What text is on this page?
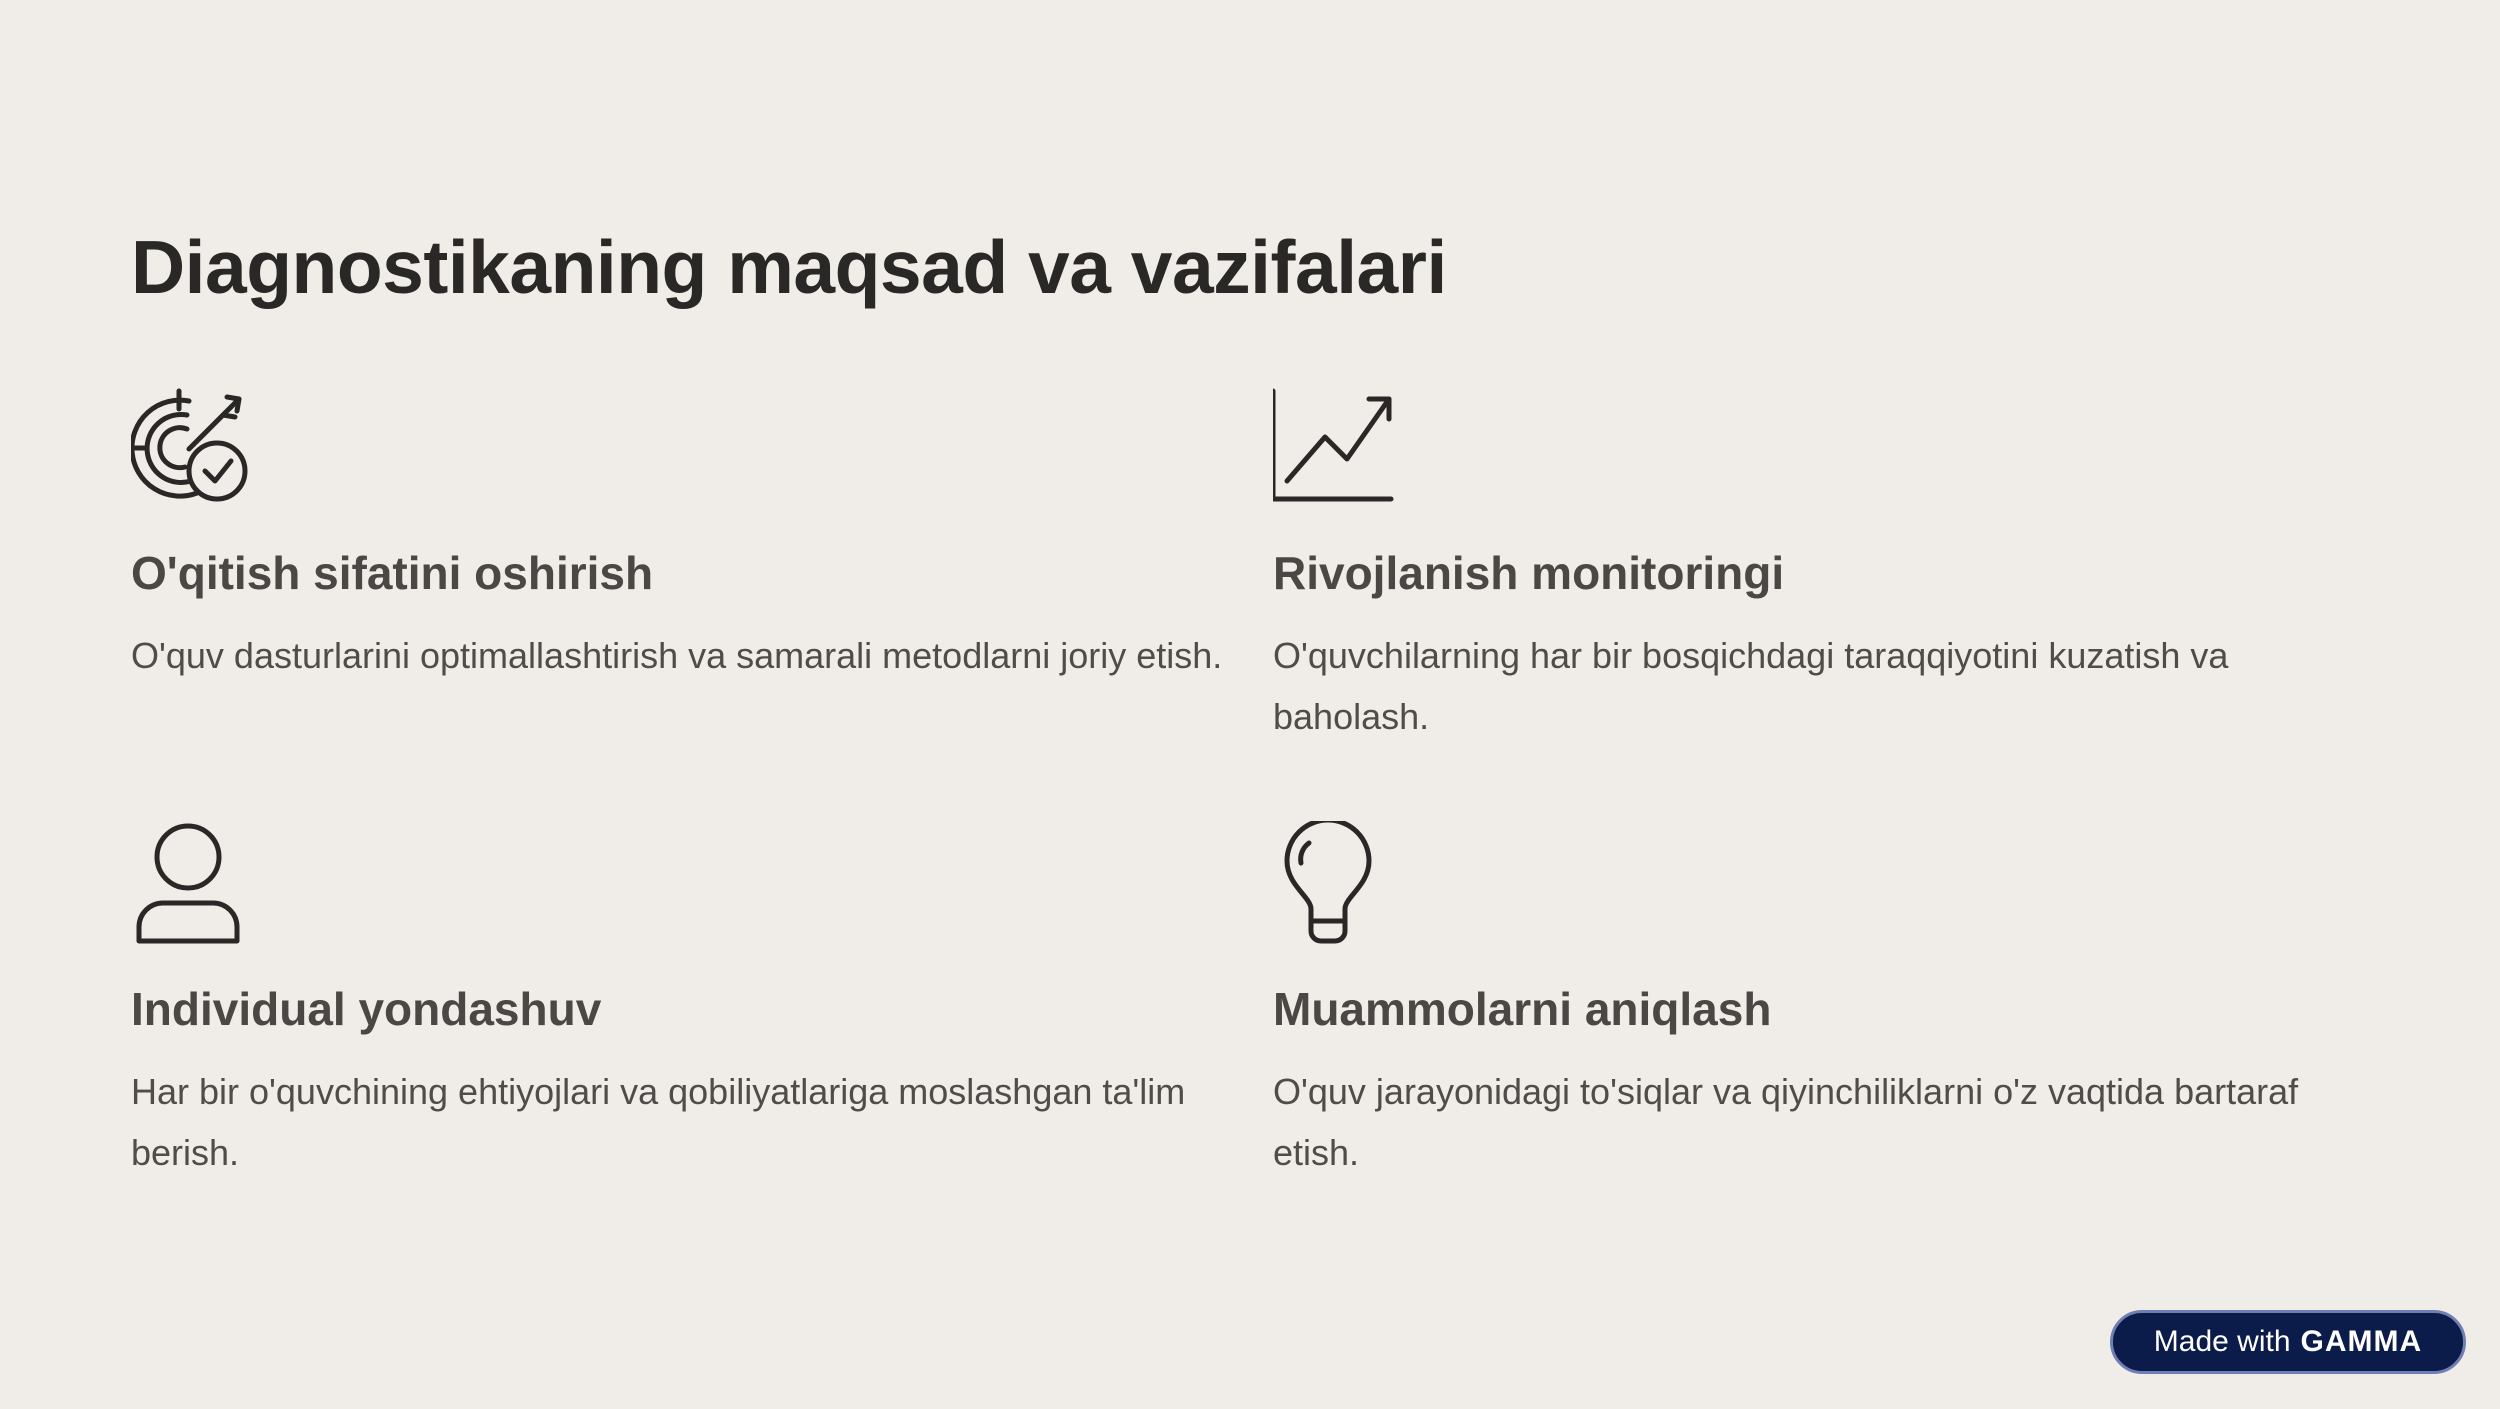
Diagnostikaning maqsad va vazifalari
O'qitish sifatini oshirish

O'quv dasturlarini optimallashtirish va samarali metodlarni joriy etish.

Rivojlanish monitoringi

O'quvchilarning har bir bosqichdagi taraqqiyotini kuzatish va baholash.

Individual yondashuv

Har bir o'quvchining ehtiyojlari va qobiliyatlariga moslashgan ta'lim berish.

Muammolarni aniqlash

O'quv jarayonidagi to'siqlar va qiyinchiliklarni o'z vaqtida bartaraf etish.

Made with GAMMA
